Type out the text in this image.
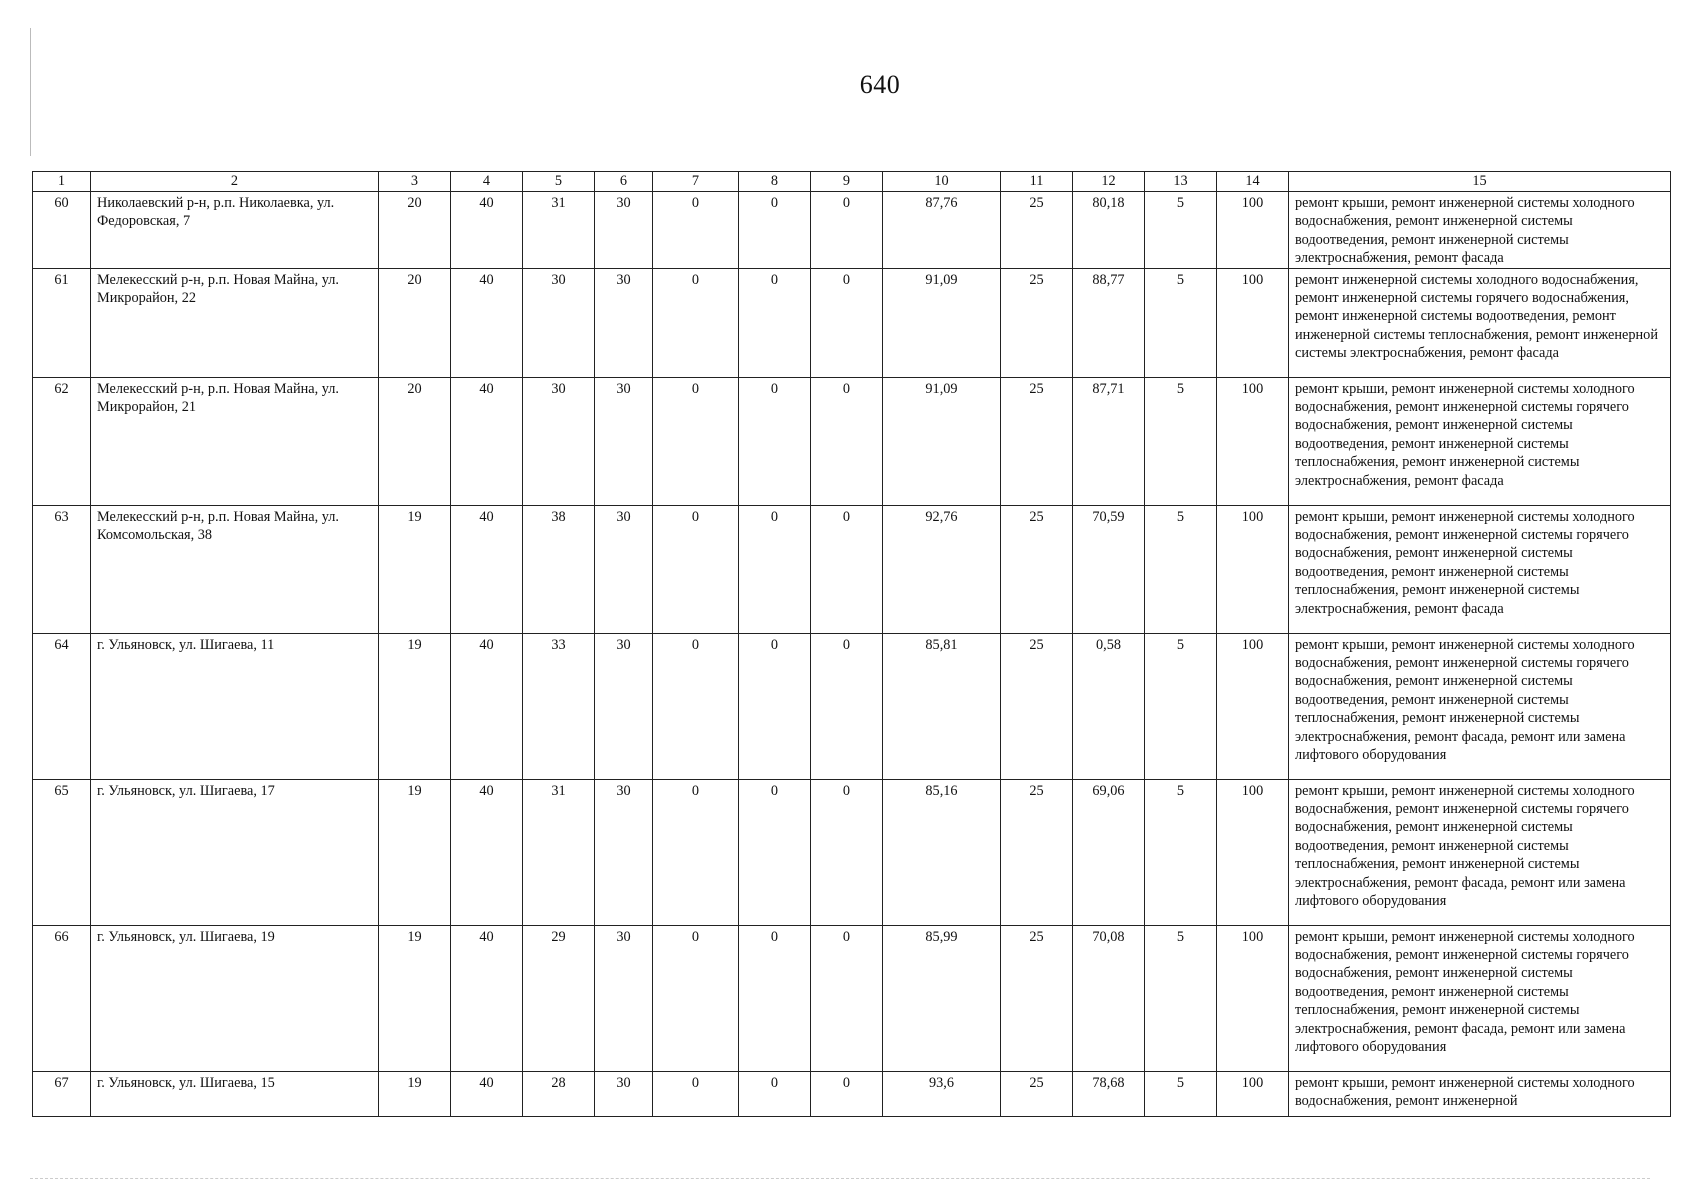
640
1	2	3	4	5	6	7	8	9	10	11	12	13	14	15
60	Николаевский р-н, р.п. Николаевка, ул. Федоровская, 7	20	40	31	30	0	0	0	87,76	25	80,18	5	100	ремонт крыши, ремонт инженерной системы холодного водоснабжения, ремонт инженерной системы водоотведения, ремонт инженерной системы электроснабжения, ремонт фасада
61	Мелекесский р-н, р.п. Новая Майна, ул. Микрорайон, 22	20	40	30	30	0	0	0	91,09	25	88,77	5	100	ремонт инженерной системы холодного водоснабжения, ремонт инженерной системы горячего водоснабжения, ремонт инженерной системы водоотведения, ремонт инженерной системы теплоснабжения, ремонт инженерной системы электроснабжения, ремонт фасада
62	Мелекесский р-н, р.п. Новая Майна, ул. Микрорайон, 21	20	40	30	30	0	0	0	91,09	25	87,71	5	100	ремонт крыши, ремонт инженерной системы холодного водоснабжения, ремонт инженерной системы горячего водоснабжения, ремонт инженерной системы водоотведения, ремонт инженерной системы теплоснабжения, ремонт инженерной системы электроснабжения, ремонт фасада
63	Мелекесский р-н, р.п. Новая Майна, ул. Комсомольская, 38	19	40	38	30	0	0	0	92,76	25	70,59	5	100	ремонт крыши, ремонт инженерной системы холодного водоснабжения, ремонт инженерной системы горячего водоснабжения, ремонт инженерной системы водоотведения, ремонт инженерной системы теплоснабжения, ремонт инженерной системы электроснабжения, ремонт фасада
64	г. Ульяновск, ул. Шигаева, 11	19	40	33	30	0	0	0	85,81	25	0,58	5	100	ремонт крыши, ремонт инженерной системы холодного водоснабжения, ремонт инженерной системы горячего водоснабжения, ремонт инженерной системы водоотведения, ремонт инженерной системы теплоснабжения, ремонт инженерной системы электроснабжения, ремонт фасада, ремонт или замена лифтового оборудования
65	г. Ульяновск, ул. Шигаева, 17	19	40	31	30	0	0	0	85,16	25	69,06	5	100	ремонт крыши, ремонт инженерной системы холодного водоснабжения, ремонт инженерной системы горячего водоснабжения, ремонт инженерной системы водоотведения, ремонт инженерной системы теплоснабжения, ремонт инженерной системы электроснабжения, ремонт фасада, ремонт или замена лифтового оборудования
66	г. Ульяновск, ул. Шигаева, 19	19	40	29	30	0	0	0	85,99	25	70,08	5	100	ремонт крыши, ремонт инженерной системы холодного водоснабжения, ремонт инженерной системы горячего водоснабжения, ремонт инженерной системы водоотведения, ремонт инженерной системы теплоснабжения, ремонт инженерной системы электроснабжения, ремонт фасада, ремонт или замена лифтового оборудования
67	г. Ульяновск, ул. Шигаева, 15	19	40	28	30	0	0	0	93,6	25	78,68	5	100	ремонт крыши, ремонт инженерной системы холодного водоснабжения, ремонт инженерной
